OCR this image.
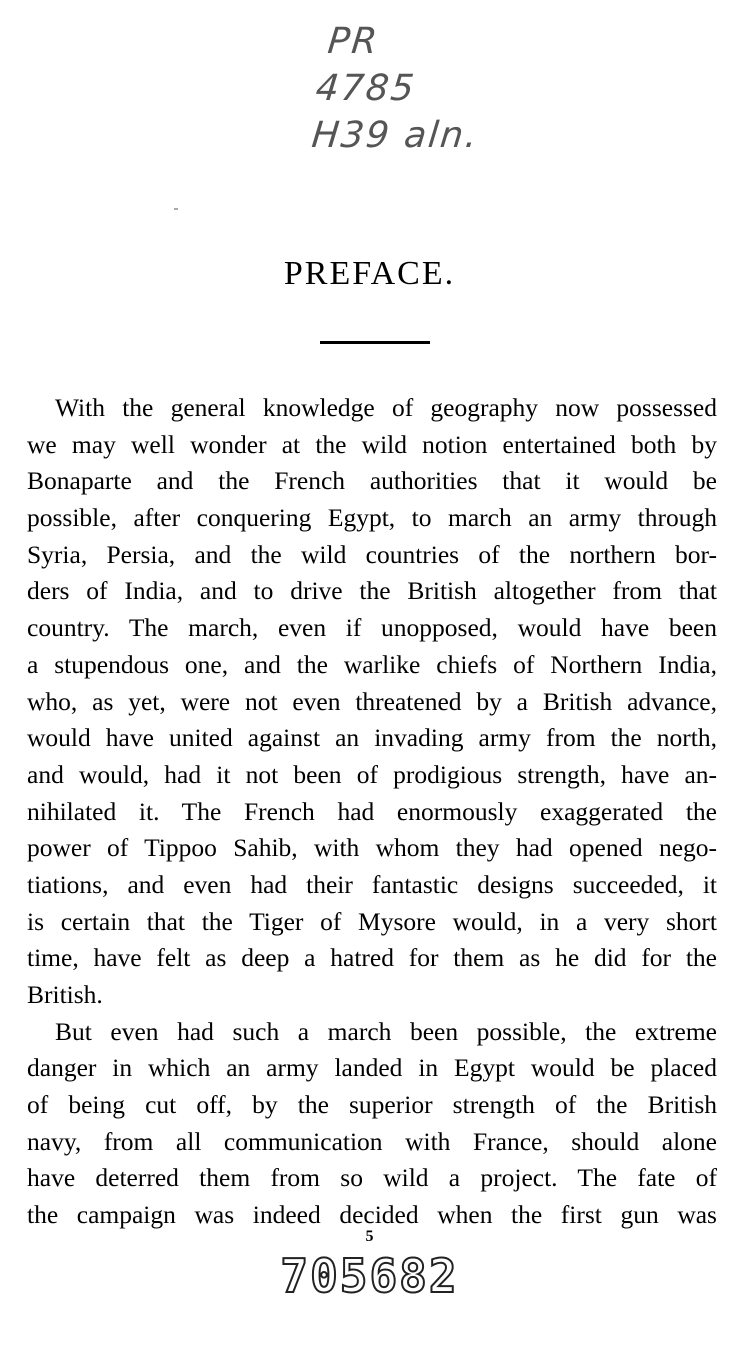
PR
4785
H39 aln.
PREFACE.
With the general knowledge of geography now possessed
we may well wonder at the wild notion entertained both by
Bonaparte and the French authorities that it would be
possible, after conquering Egypt, to march an army through
Syria, Persia, and the wild countries of the northern bor-
ders of India, and to drive the British altogether from that
country. The march, even if unopposed, would have been
a stupendous one, and the warlike chiefs of Northern India,
who, as yet, were not even threatened by a British advance,
would have united against an invading army from the north,
and would, had it not been of prodigious strength, have an-
nihilated it. The French had enormously exaggerated the
power of Tippoo Sahib, with whom they had opened nego-
tiations, and even had their fantastic designs succeeded, it
is certain that the Tiger of Mysore would, in a very short
time, have felt as deep a hatred for them as he did for the
British.
But even had such a march been possible, the extreme
danger in which an army landed in Egypt would be placed
of being cut off, by the superior strength of the British
navy, from all communication with France, should alone
have deterred them from so wild a project. The fate of
the campaign was indeed decided when the first gun was
5
705682
